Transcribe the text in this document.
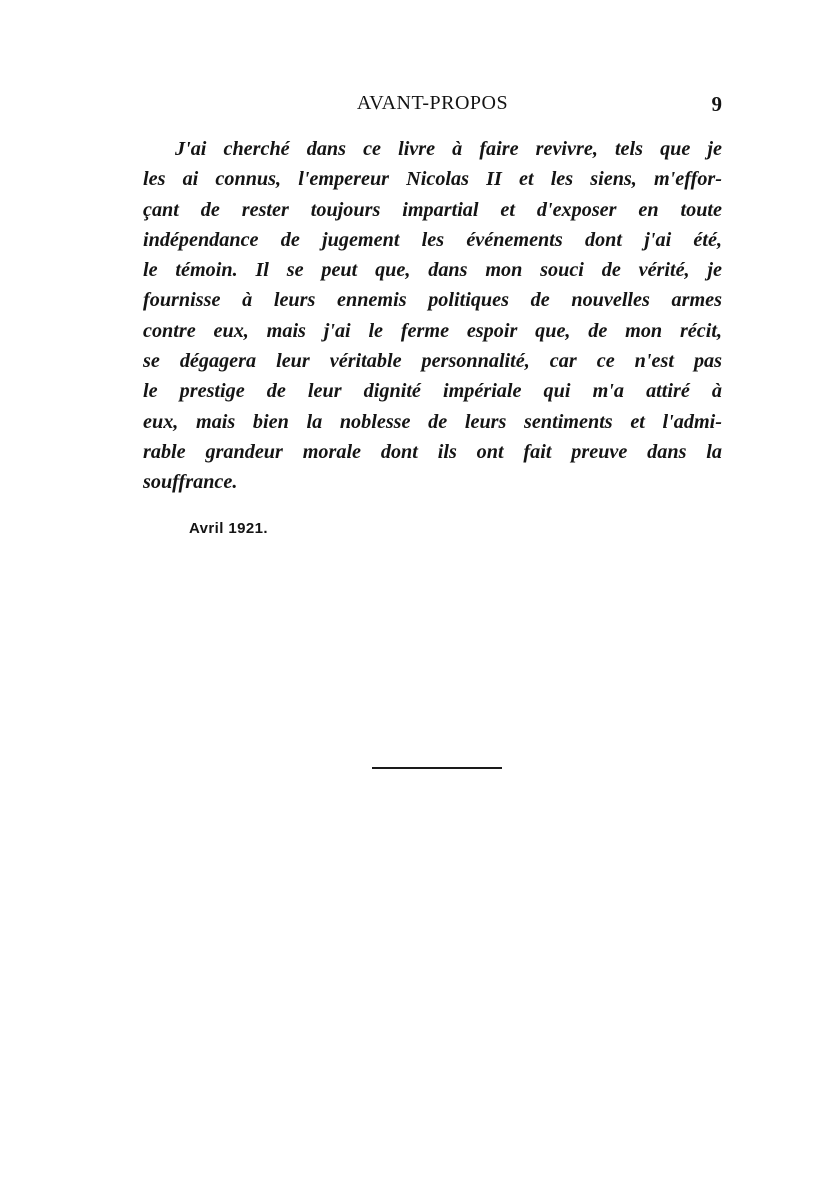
AVANT-PROPOS	9
J'ai cherché dans ce livre à faire revivre, tels que je
les ai connus, l'empereur Nicolas II et les siens, m'effor-
çant de rester toujours impartial et d'exposer en toute
indépendance de jugement les événements dont j'ai été,
le témoin. Il se peut que, dans mon souci de vérité, je
fournisse à leurs ennemis politiques de nouvelles armes
contre eux, mais j'ai le ferme espoir que, de mon récit,
se dégagera leur véritable personnalité, car ce n'est pas
le prestige de leur dignité impériale qui m'a attiré à
eux, mais bien la noblesse de leurs sentiments et l'admi-
rable grandeur morale dont ils ont fait preuve dans la
souffrance.
Avril 1921.
